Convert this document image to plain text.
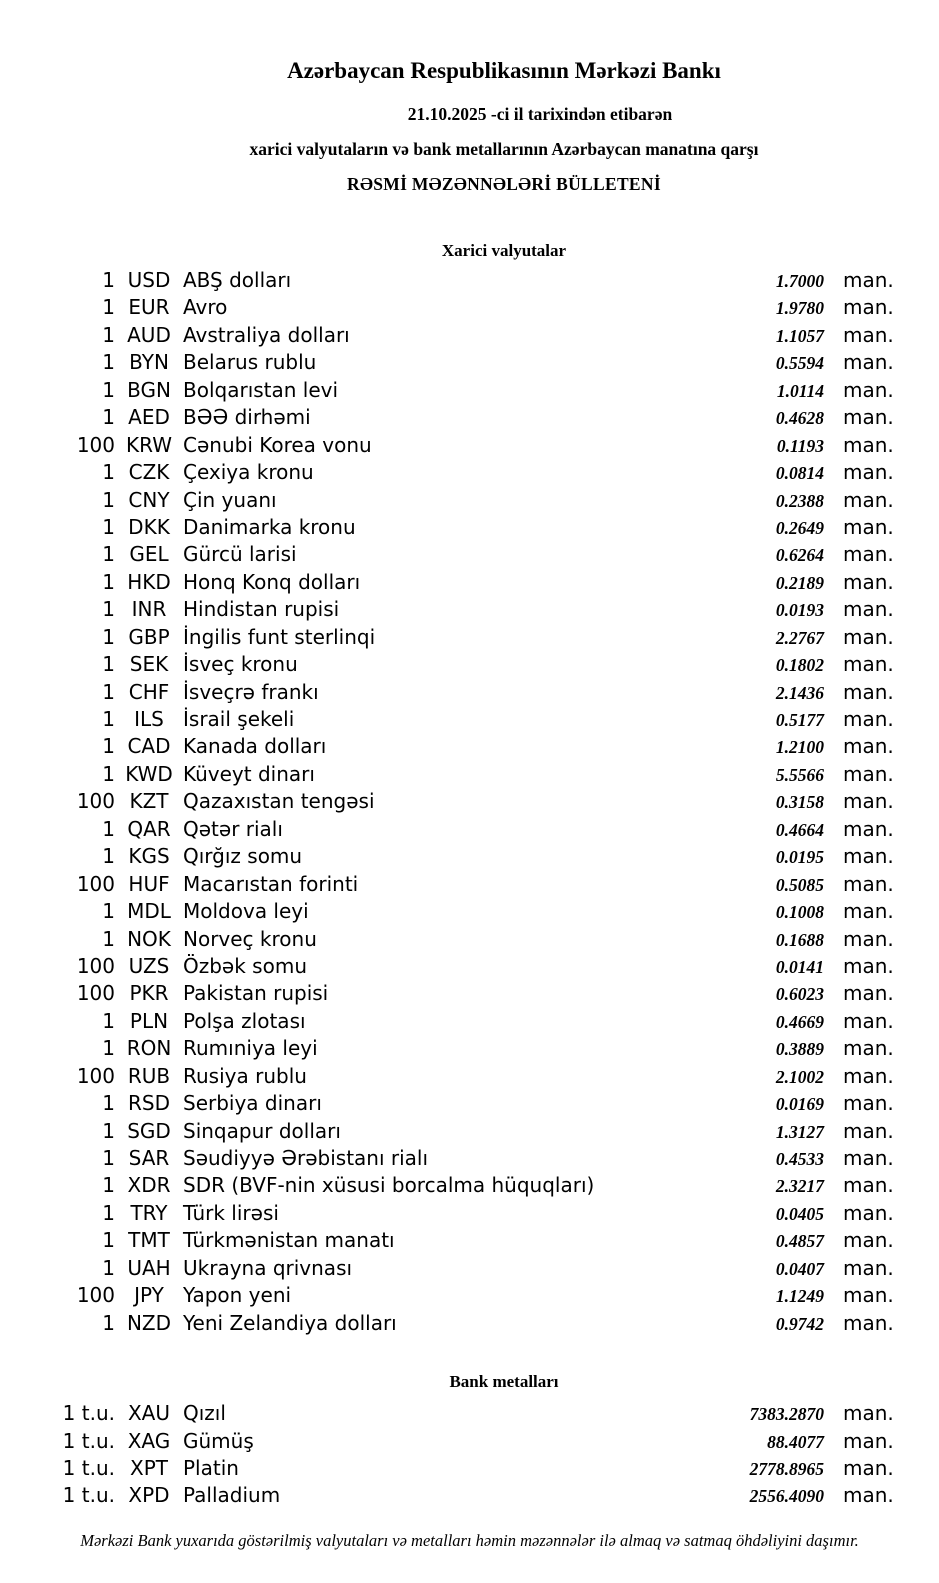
Azərbaycan Respublikasının Mərkəzi Bankı

21.10.2025 -ci il tarixindən etibarən

xarici valyutaların və bank metallarının Azərbaycan manatına qarşı

RƏSMİ MƏZƏNNƏLƏRİ BÜLLETENİ

Xarici valyutalar
1 USD ABŞ dolları	1.7000 man.
1 EUR Avro	1.9780 man.
1 AUD Avstraliya dolları	1.1057 man.
1 BYN Belarus rublu	0.5594 man.
1 BGN Bolqarıstan levi	1.0114 man.
1 AED BƏƏ dirhəmi	0.4628 man.
100 KRW Cənubi Korea vonu	0.1193 man.
1 CZK Çexiya kronu	0.0814 man.
1 CNY Çin yuanı	0.2388 man.
1 DKK Danimarka kronu	0.2649 man.
1 GEL Gürcü larisi	0.6264 man.
1 HKD Honq Konq dolları	0.2189 man.
1 INR Hindistan rupisi	0.0193 man.
1 GBP İngilis funt sterlinqi	2.2767 man.
1 SEK İsveç kronu	0.1802 man.
1 CHF İsveçrə frankı	2.1436 man.
1 ILS İsrail şekeli	0.5177 man.
1 CAD Kanada dolları	1.2100 man.
1 KWD Küveyt dinarı	5.5566 man.
100 KZT Qazaxıstan tengəsi	0.3158 man.
1 QAR Qətər rialı	0.4664 man.
1 KGS Qırğız somu	0.0195 man.
100 HUF Macarıstan forinti	0.5085 man.
1 MDL Moldova leyi	0.1008 man.
1 NOK Norveç kronu	0.1688 man.
100 UZS Özbək somu	0.0141 man.
100 PKR Pakistan rupisi	0.6023 man.
1 PLN Polşa zlotası	0.4669 man.
1 RON Rumıniya leyi	0.3889 man.
100 RUB Rusiya rublu	2.1002 man.
1 RSD Serbiya dinarı	0.0169 man.
1 SGD Sinqapur dolları	1.3127 man.
1 SAR Səudiyyə Ərəbistanı rialı	0.4533 man.
1 XDR SDR (BVF-nin xüsusi borcalma hüquqları)	2.3217 man.
1 TRY Türk lirəsi	0.0405 man.
1 TMT Türkmənistan manatı	0.4857 man.
1 UAH Ukrayna qrivnası	0.0407 man.
100 JPY Yapon yeni	1.1249 man.
1 NZD Yeni Zelandiya dolları	0.9742 man.
Bank metalları
1 t.u. XAU Qızıl	7383.2870 man.
1 t.u. XAG Gümüş	88.4077 man.
1 t.u. XPT Platin	2778.8965 man.
1 t.u. XPD Palladium	2556.4090 man.

Mərkəzi Bank yuxarıda göstərilmiş valyutaları və metalları həmin məzənnələr ilə almaq və satmaq öhdəliyini daşımır.
